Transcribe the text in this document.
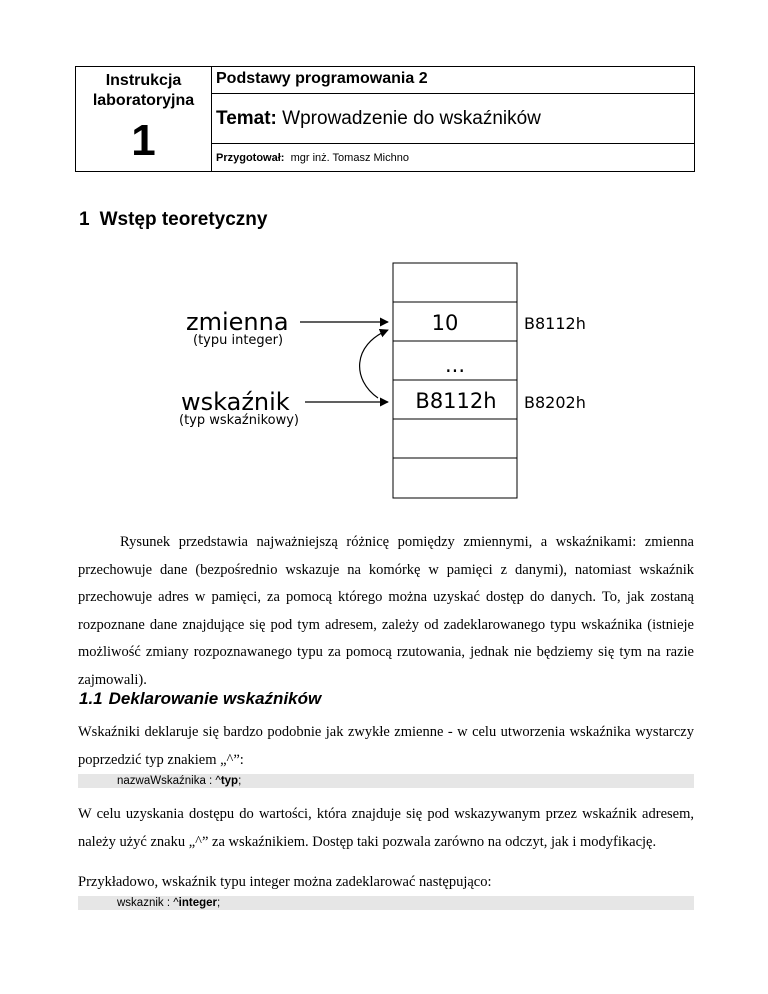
Instrukcja laboratoryjna
1
Podstawy programowania 2
Temat: Wprowadzenie do wskaźników
Przygotował: mgr inż. Tomasz Michno
1 Wstęp teoretyczny
10
...
B8112h
B8112h
B8202h
zmienna
(typu integer)
wskaźnik
(typ wskaźnikowy)
Rysunek przedstawia najważniejszą różnicę pomiędzy zmiennymi, a wskaźnikami: zmienna przechowuje dane (bezpośrednio wskazuje na komórkę w pamięci z danymi), natomiast wskaźnik przechowuje adres w pamięci, za pomocą którego można uzyskać dostęp do danych. To, jak zostaną rozpoznane dane znajdujące się pod tym adresem, zależy od zadeklarowanego typu wskaźnika (istnieje możliwość zmiany rozpoznawanego typu za pomocą rzutowania, jednak nie będziemy się tym na razie zajmowali).
1.1 Deklarowanie wskaźników
Wskaźniki deklaruje się bardzo podobnie jak zwykłe zmienne - w celu utworzenia wskaźnika wystarczy poprzedzić typ znakiem „^”:
nazwaWskaźnika : ^typ;
W celu uzyskania dostępu do wartości, która znajduje się pod wskazywanym przez wskaźnik adresem, należy użyć znaku „^” za wskaźnikiem. Dostęp taki pozwala zarówno na odczyt, jak i modyfikację.
Przykładowo, wskaźnik typu integer można zadeklarować następująco:
wskaznik : ^integer;
